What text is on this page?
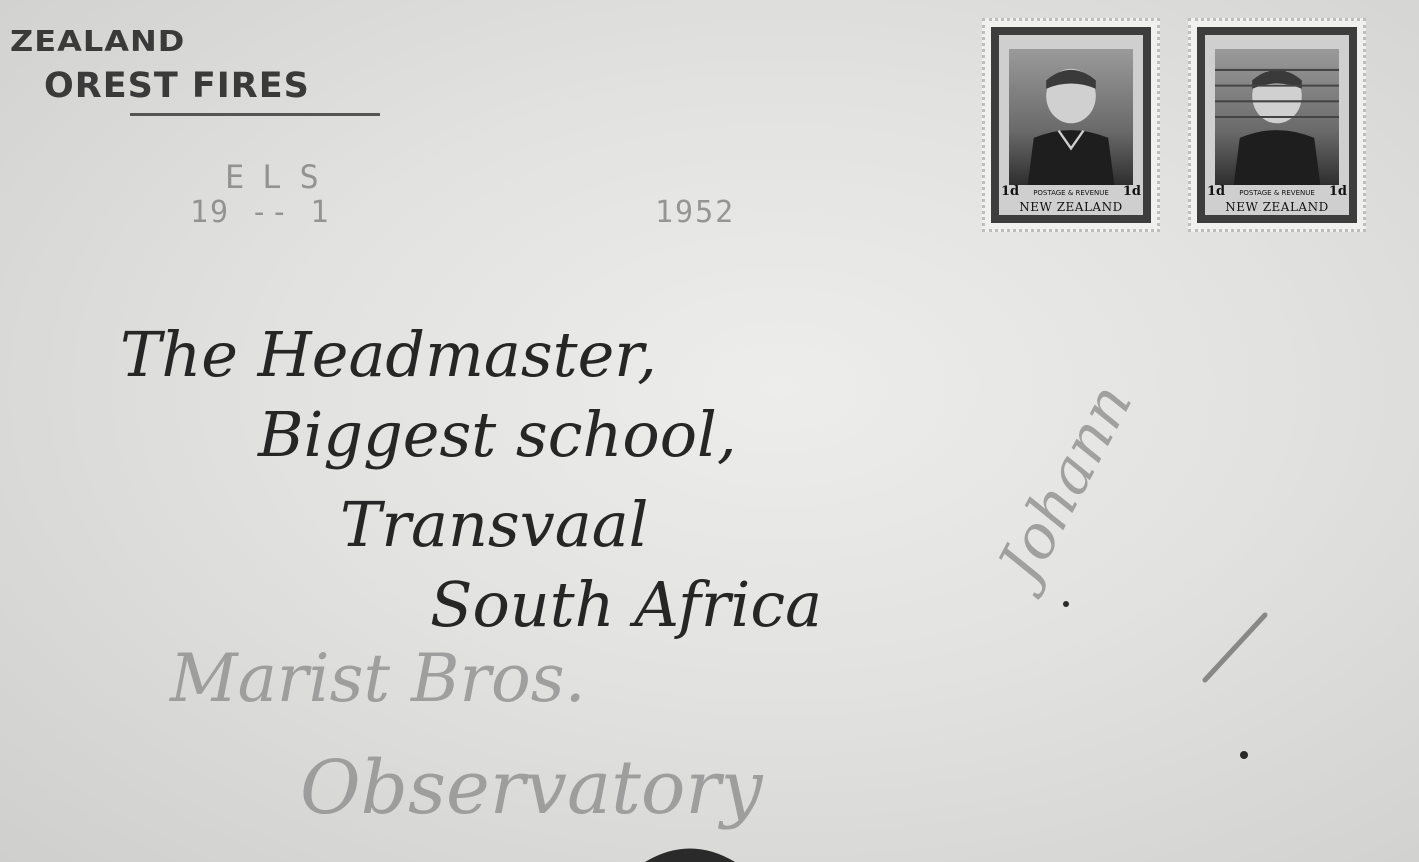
ZEALAND
OREST FIRES
ELS
19 -- 1	1952
1d	1d
POSTAGE & REVENUE
NEW ZEALAND
1d	1d
POSTAGE & REVENUE
NEW ZEALAND
The Headmaster,
Biggest school,
Transvaal
South Africa
Marist Bros.
Observatory
Johann
